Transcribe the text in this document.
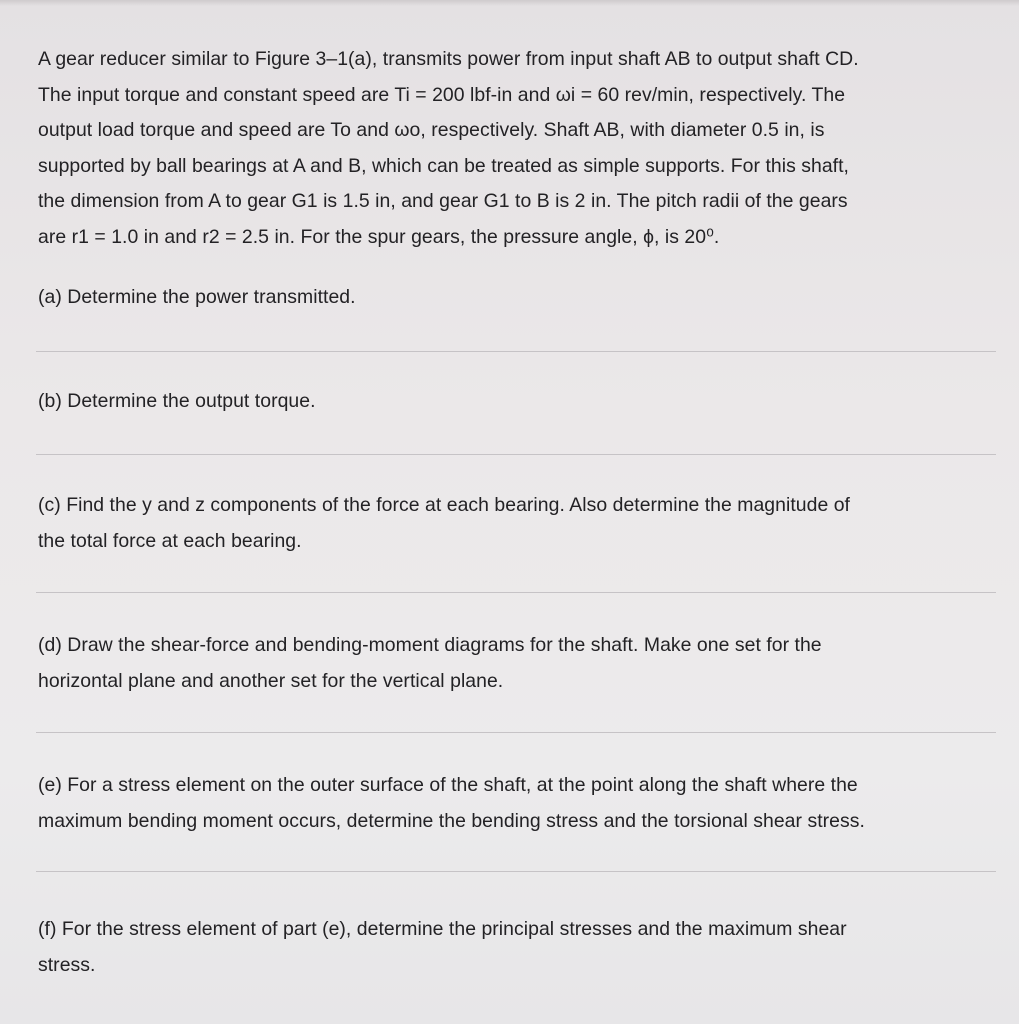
A gear reducer similar to Figure 3–1(a), transmits power from input shaft AB to output shaft CD.
The input torque and constant speed are Ti = 200 lbf-in and ωi = 60 rev/min, respectively. The
output load torque and speed are To and ωo, respectively. Shaft AB, with diameter 0.5 in, is
supported by ball bearings at A and B, which can be treated as simple supports. For this shaft,
the dimension from A to gear G1 is 1.5 in, and gear G1 to B is 2 in. The pitch radii of the gears
are r1 = 1.0 in and r2 = 2.5 in. For the spur gears, the pressure angle, ϕ, is 20⁰.
(a) Determine the power transmitted.
(b) Determine the output torque.
(c) Find the y and z components of the force at each bearing. Also determine the magnitude of
the total force at each bearing.
(d) Draw the shear-force and bending-moment diagrams for the shaft. Make one set for the
horizontal plane and another set for the vertical plane.
(e) For a stress element on the outer surface of the shaft, at the point along the shaft where the
maximum bending moment occurs, determine the bending stress and the torsional shear stress.
(f) For the stress element of part (e), determine the principal stresses and the maximum shear
stress.
